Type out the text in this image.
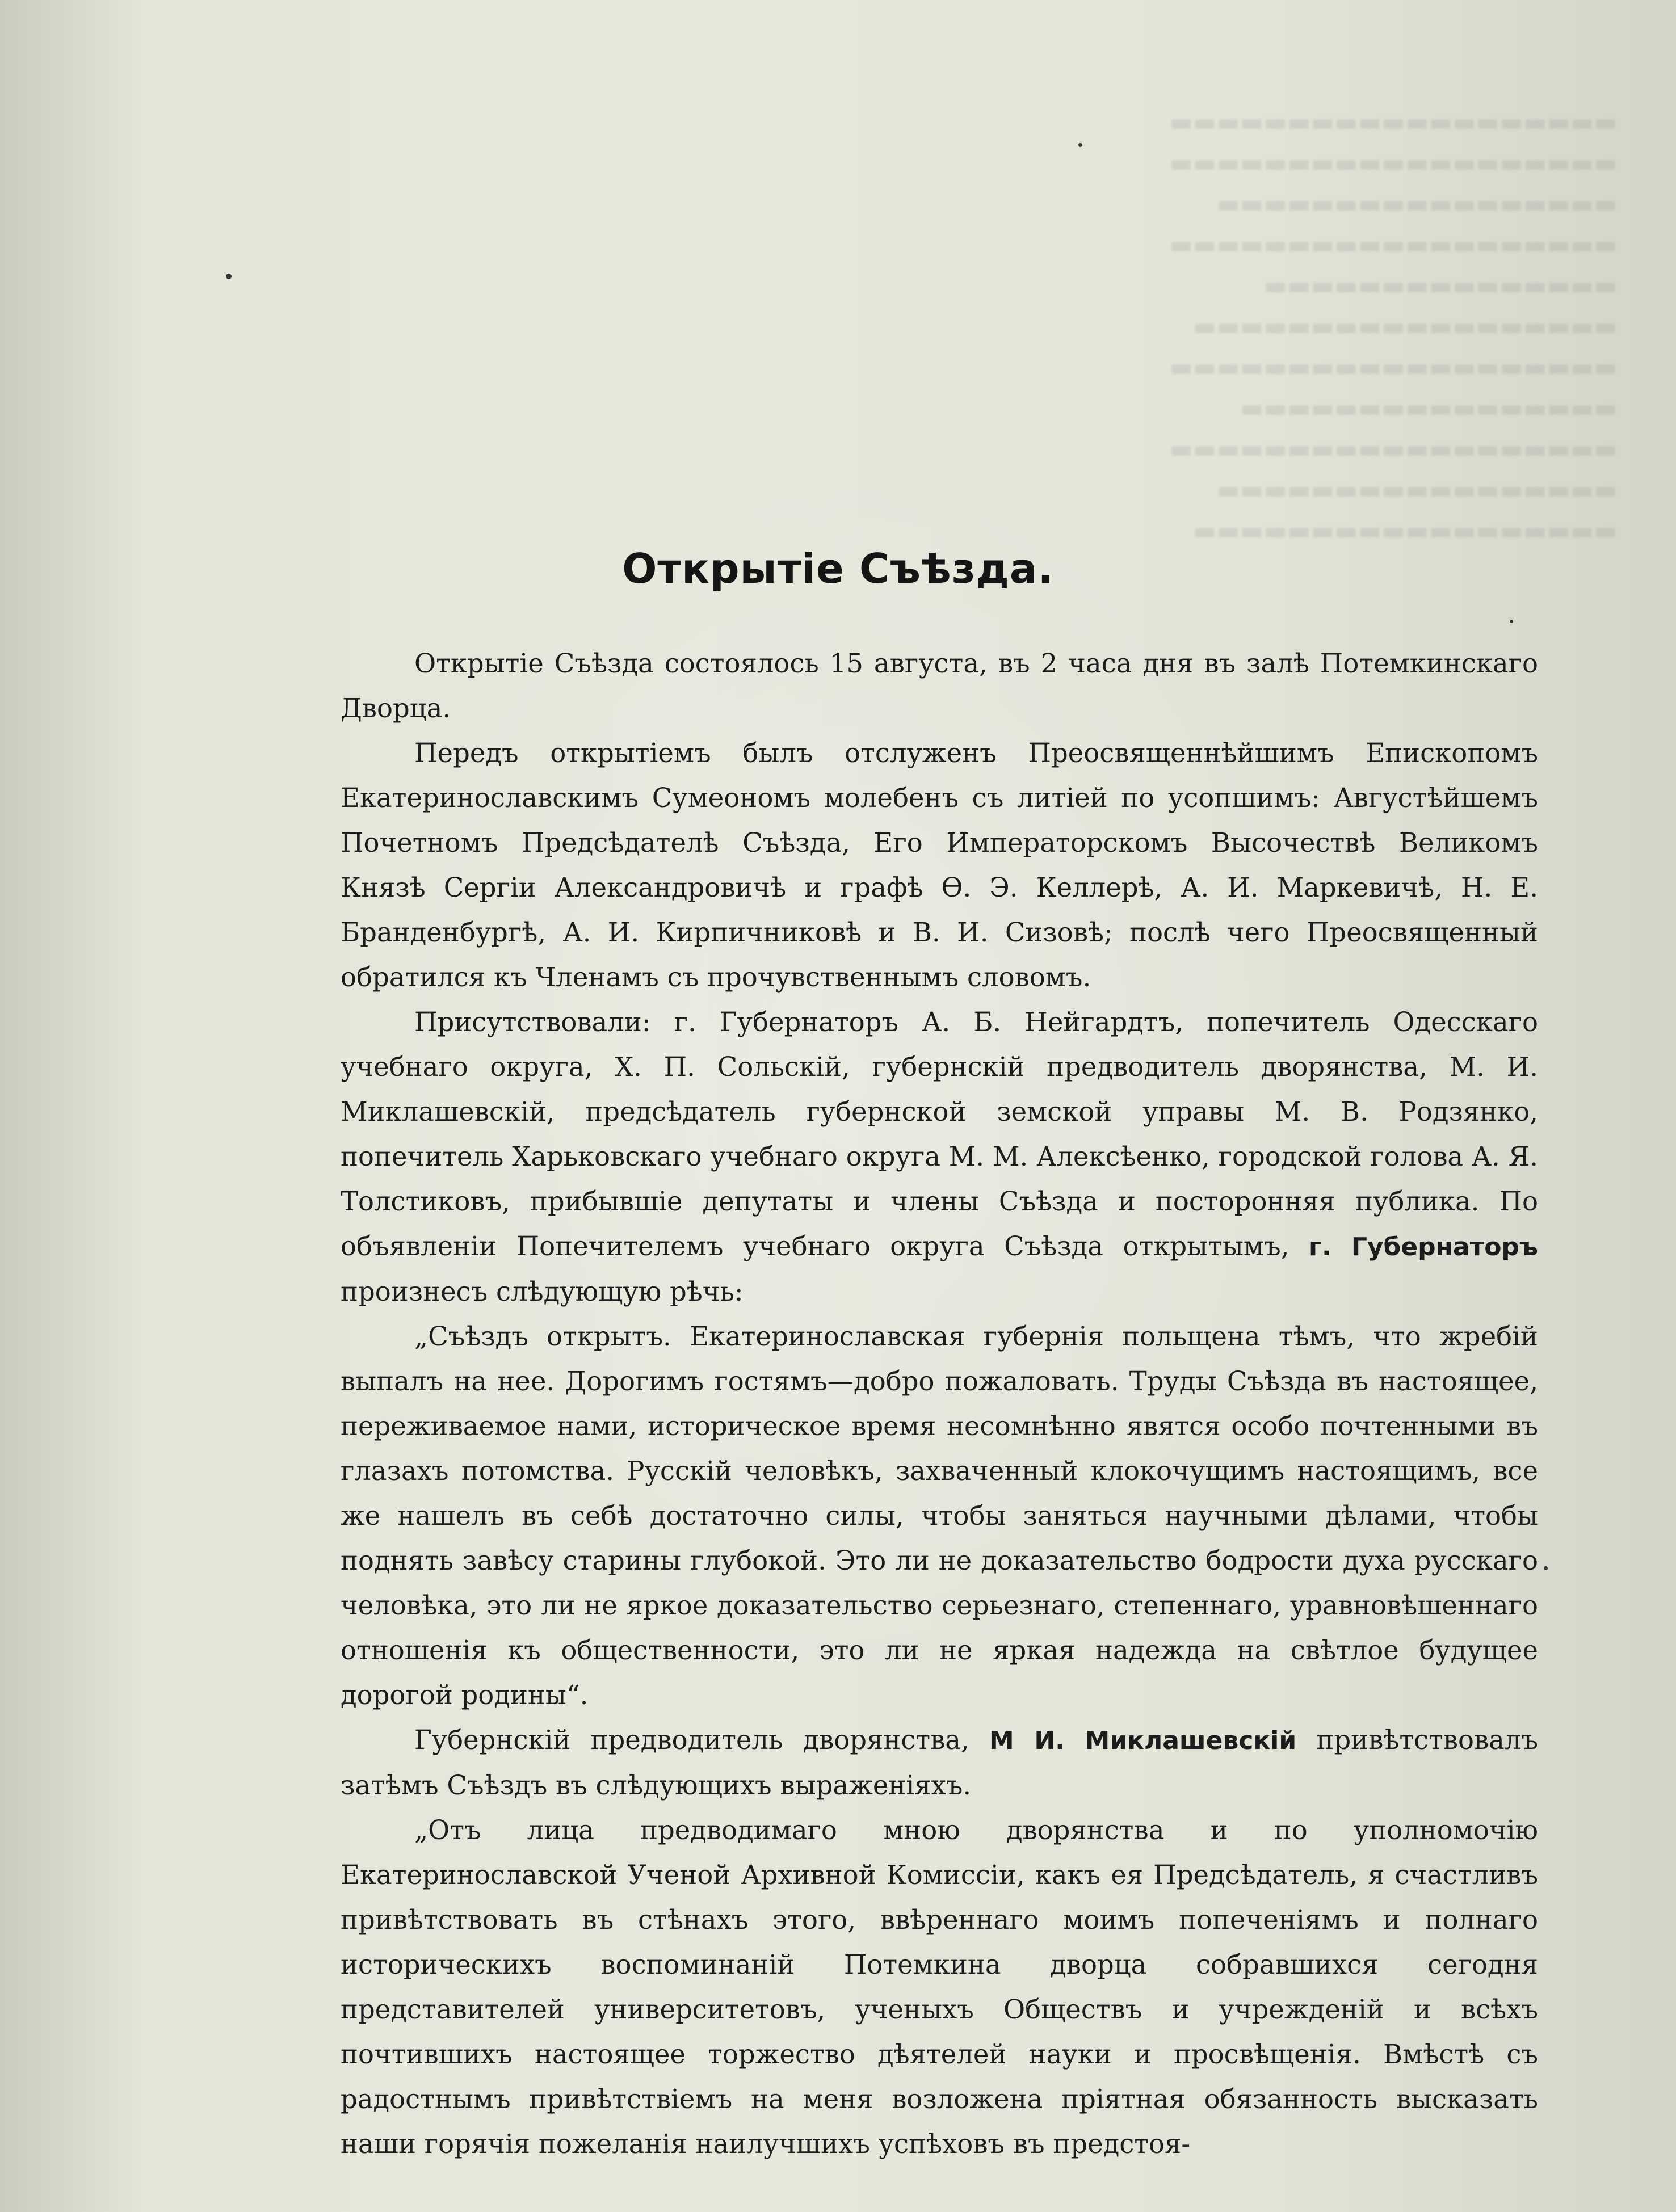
▬▬▬▬▬▬▬▬▬▬▬▬▬▬▬▬▬▬▬
▬▬▬▬▬▬▬▬▬▬▬▬▬▬▬▬▬▬▬
▬▬▬▬▬▬▬▬▬▬▬▬▬▬▬▬▬
▬▬▬▬▬▬▬▬▬▬▬▬▬▬▬▬▬▬▬
▬▬▬▬▬▬▬▬▬▬▬▬▬▬▬
▬▬▬▬▬▬▬▬▬▬▬▬▬▬▬▬▬▬
▬▬▬▬▬▬▬▬▬▬▬▬▬▬▬▬▬▬▬
▬▬▬▬▬▬▬▬▬▬▬▬▬▬▬▬
▬▬▬▬▬▬▬▬▬▬▬▬▬▬▬▬▬▬▬
▬▬▬▬▬▬▬▬▬▬▬▬▬▬▬▬▬
▬▬▬▬▬▬▬▬▬▬▬▬▬▬▬▬▬▬
Открытіе Съѣзда.

Открытіе Съѣзда состоялось 15 августа, въ 2 часа дня въ залѣ Потемкинскаго Дворца.

Передъ открытіемъ былъ отслуженъ Преосвященнѣйшимъ Епископомъ Екатеринославскимъ Сумеономъ молебенъ съ литіей по усопшимъ: Августѣйшемъ Почетномъ Предсѣдателѣ Съѣзда, Его Императорскомъ Высочествѣ Великомъ Князѣ Сергіи Александровичѣ и графѣ Ѳ. Э. Келлерѣ, А. И. Маркевичѣ, Н. Е. Бранденбургѣ, А. И. Кирпичниковѣ и В. И. Сизовѣ; послѣ чего Преосвященный обратился къ Членамъ съ прочувственнымъ словомъ.

Присутствовали: г. Губернаторъ А. Б. Нейгардтъ, попечитель Одесскаго учебнаго округа, Х. П. Сольскій, губернскій предводитель дворянства, М. И. Миклашевскій, предсѣдатель губернской земской управы М. В. Родзянко, попечитель Харьковскаго учебнаго округа М. М. Алексѣенко, городской голова А. Я. Толстиковъ, прибывшіе депутаты и члены Съѣзда и посторонняя публика. По объявленіи Попечителемъ учебнаго округа Съѣзда открытымъ, г. Губернаторъ произнесъ слѣдующую рѣчь:

„Съѣздъ открытъ. Екатеринославская губернія польщена тѣмъ, что жребій выпалъ на нее. Дорогимъ гостямъ—добро пожаловать. Труды Съѣзда въ настоящее, переживаемое нами, историческое время несомнѣнно явятся особо почтенными въ глазахъ потомства. Русскій человѣкъ, захваченный клокочущимъ настоящимъ, все же нашелъ въ себѣ достаточно силы, чтобы заняться научными дѣлами, чтобы поднять завѣсу старины глубокой. Это ли не доказательство бодрости духа русскаго человѣка, это ли не яркое доказательство серьезнаго, степеннаго, уравновѣшеннаго отношенія къ общественности, это ли не яркая надежда на свѣтлое будущее дорогой родины“.

Губернскій предводитель дворянства, М И. Миклашевскій привѣтствовалъ затѣмъ Съѣздъ въ слѣдующихъ выраженіяхъ.

„Отъ лица предводимаго мною дворянства и по уполномочію Екатеринославской Ученой Архивной Комиссіи, какъ ея Предсѣдатель, я счастливъ привѣтствовать въ стѣнахъ этого, ввѣреннаго моимъ попеченіямъ и полнаго историческихъ воспоминаній Потемкина дворца собравшихся сегодня представителей университетовъ, ученыхъ Обществъ и учрежденій и всѣхъ почтившихъ настоящее торжество дѣятелей науки и просвѣщенія. Вмѣстѣ съ радостнымъ привѣтствіемъ на меня возложена пріятная обязанность высказать наши горячія пожеланія наилучшихъ успѣховъ въ предстоя-
